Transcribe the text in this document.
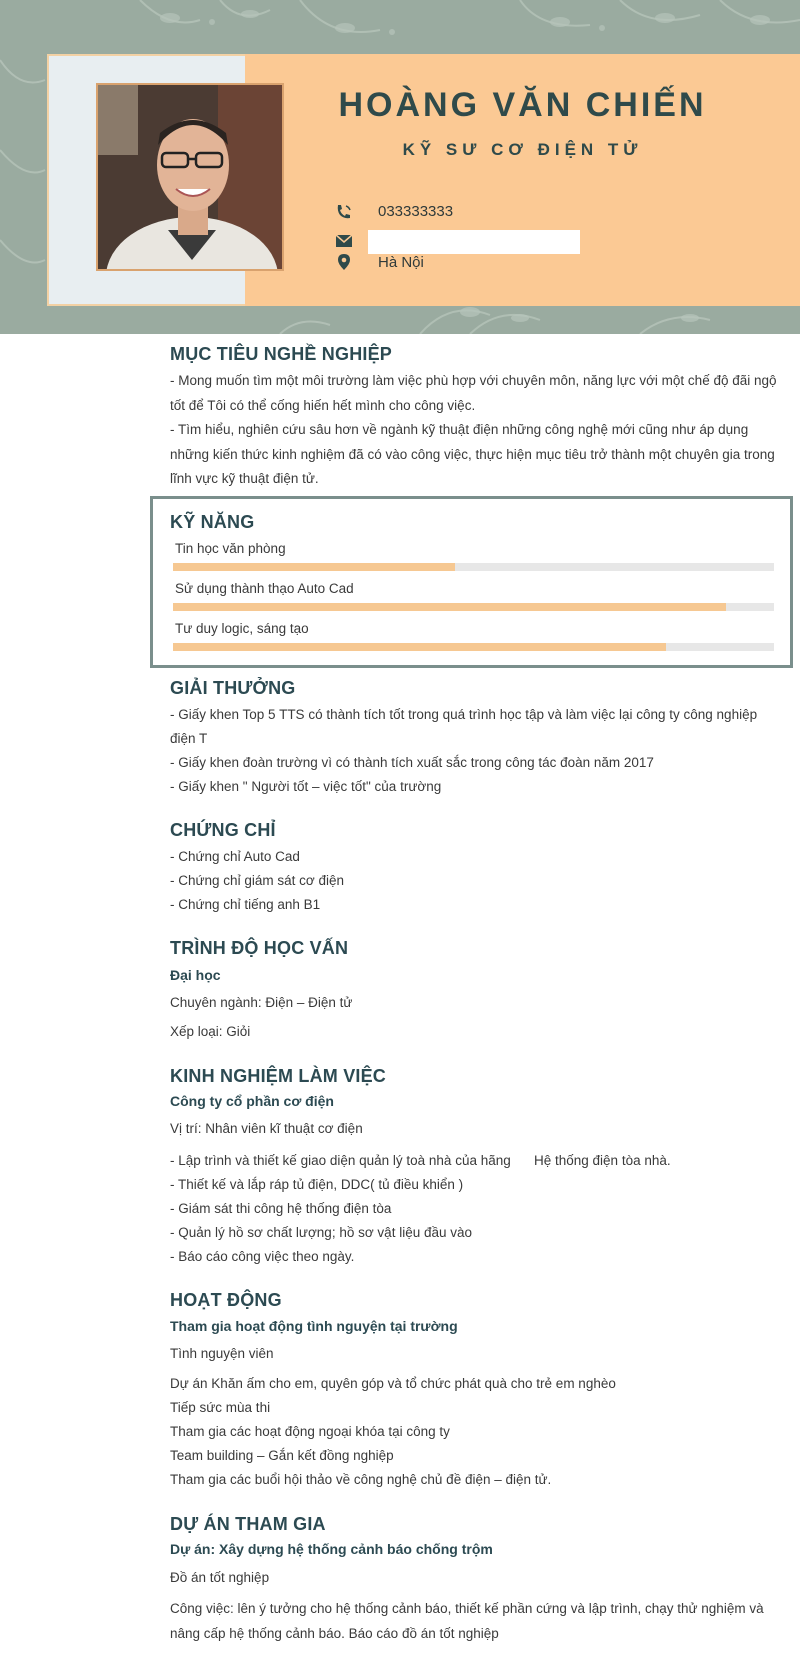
HOÀNG VĂN CHIẾN
KỸ SƯ CƠ ĐIỆN TỬ
033333333
Hà Nội
MỤC TIÊU NGHỀ NGHIỆP
- Mong muốn tìm một môi trường làm việc phù hợp với chuyên môn, năng lực với một chế độ đãi ngộ tốt để Tôi có thể cống hiến hết mình cho công việc.
- Tìm hiểu, nghiên cứu sâu hơn về ngành kỹ thuật điện những công nghệ mới cũng như áp dụng những kiến thức kinh nghiệm đã có vào công việc, thực hiện mục tiêu trở thành một chuyên gia trong lĩnh vực kỹ thuật điện tử.
KỸ NĂNG
Tin học văn phòng
Sử dụng thành thạo Auto Cad
Tư duy logic, sáng tạo
GIẢI THƯỞNG
- Giấy khen Top 5 TTS có thành tích tốt trong quá trình học tập và làm việc lại công ty công nghiệp
điện T
- Giấy khen đoàn trường vì có thành tích xuất sắc trong công tác đoàn năm 2017
- Giấy khen " Người tốt – việc tốt" của trường
CHỨNG CHỈ
- Chứng chỉ Auto Cad
- Chứng chỉ giám sát cơ điện
- Chứng chỉ tiếng anh B1
TRÌNH ĐỘ HỌC VẤN
Đại học
Chuyên ngành: Điện – Điện tử
Xếp loại: Giỏi
KINH NGHIỆM LÀM VIỆC
Công ty cổ phần cơ điện
Vị trí: Nhân viên kĩ thuật cơ điện
- Lập trình và thiết kế giao diện quản lý toà nhà của hãng Hệ thống điện tòa nhà.
- Thiết kế và lắp ráp tủ điện, DDC( tủ điều khiển )
- Giám sát thi công hệ thống điện tòa
- Quản lý hồ sơ chất lượng; hồ sơ vật liệu đầu vào
- Báo cáo công việc theo ngày.
HOẠT ĐỘNG
Tham gia hoạt động tình nguyện tại trường
Tình nguyện viên
Dự án Khăn ấm cho em, quyên góp và tổ chức phát quà cho trẻ em nghèo
Tiếp sức mùa thi
Tham gia các hoạt động ngoại khóa tại công ty
Team building – Gắn kết đồng nghiệp
Tham gia các buổi hội thảo về công nghệ chủ đề điện – điện tử.
DỰ ÁN THAM GIA
Dự án: Xây dựng hệ thống cảnh báo chống trộm
Đồ án tốt nghiệp
Công việc: lên ý tưởng cho hệ thống cảnh báo, thiết kế phần cứng và lập trình, chạy thử nghiệm và nâng cấp hệ thống cảnh báo. Báo cáo đồ án tốt nghiệp
